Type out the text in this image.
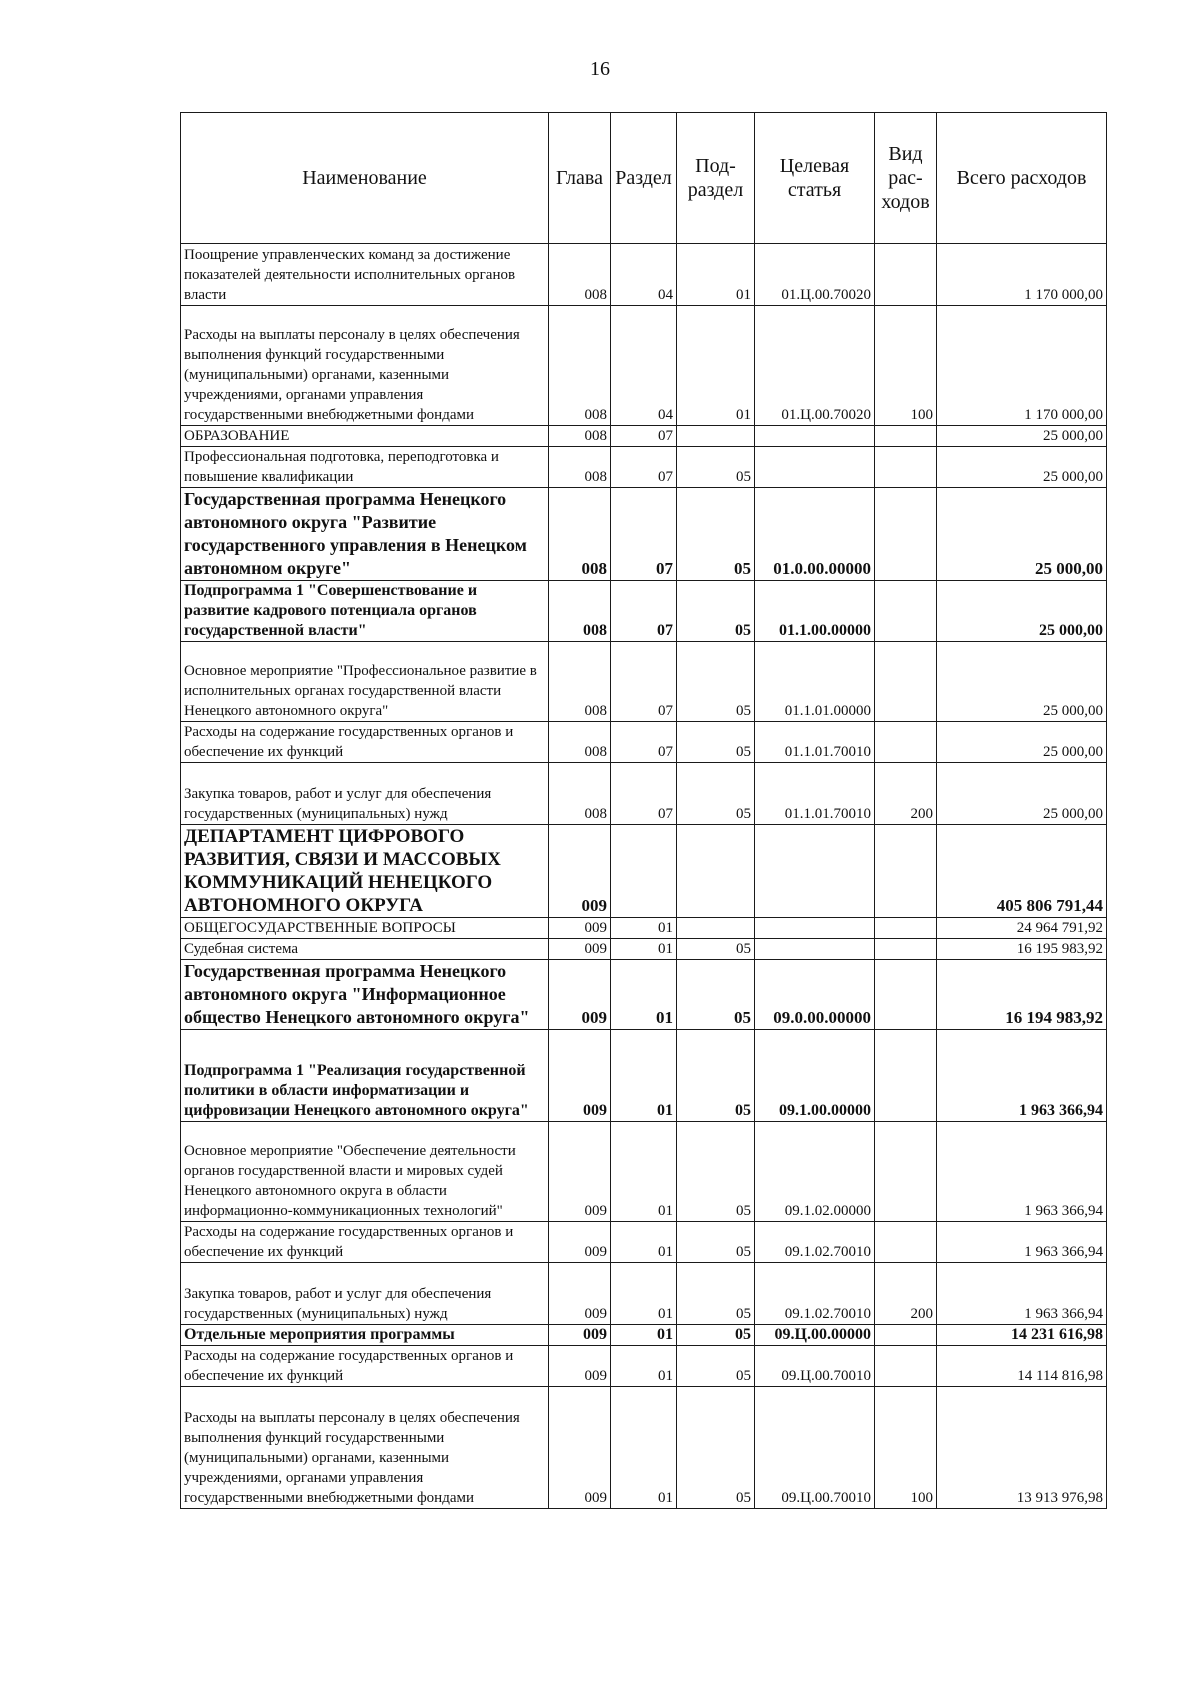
16
Наименование	Глава	Раздел	Под-раздел	Целевая статья	Вид рас-ходов	Всего расходов
Поощрение управленческих команд за достижение показателей деятельности исполнительных органов власти	008	04	01	01.Ц.00.70020		1 170 000,00
Расходы на выплаты персоналу в целях обеспечения выполнения функций государственными (муниципальными) органами, казенными учреждениями, органами управления государственными внебюджетными фондами	008	04	01	01.Ц.00.70020	100	1 170 000,00
ОБРАЗОВАНИЕ	008	07				25 000,00
Профессиональная подготовка, переподготовка и повышение квалификации	008	07	05			25 000,00
Государственная программа Ненецкого автономного округа "Развитие государственного управления в Ненецком автономном округе"	008	07	05	01.0.00.00000		25 000,00
Подпрограмма 1 "Совершенствование и развитие кадрового потенциала органов государственной власти"	008	07	05	01.1.00.00000		25 000,00
Основное мероприятие "Профессиональное развитие в исполнительных органах государственной власти Ненецкого автономного округа"	008	07	05	01.1.01.00000		25 000,00
Расходы на содержание государственных органов и обеспечение их функций	008	07	05	01.1.01.70010		25 000,00
Закупка товаров, работ и услуг для обеспечения государственных (муниципальных) нужд	008	07	05	01.1.01.70010	200	25 000,00
ДЕПАРТАМЕНТ ЦИФРОВОГО РАЗВИТИЯ, СВЯЗИ И МАССОВЫХ КОММУНИКАЦИЙ НЕНЕЦКОГО АВТОНОМНОГО ОКРУГА	009					405 806 791,44
ОБЩЕГОСУДАРСТВЕННЫЕ ВОПРОСЫ	009	01				24 964 791,92
Судебная система	009	01	05			16 195 983,92
Государственная программа Ненецкого автономного округа "Информационное общество Ненецкого автономного округа"	009	01	05	09.0.00.00000		16 194 983,92
Подпрограмма 1 "Реализация государственной политики в области информатизации и цифровизации Ненецкого автономного округа"	009	01	05	09.1.00.00000		1 963 366,94
Основное мероприятие "Обеспечение деятельности органов государственной власти и мировых судей Ненецкого автономного округа в области информационно-коммуникационных технологий"	009	01	05	09.1.02.00000		1 963 366,94
Расходы на содержание государственных органов и обеспечение их функций	009	01	05	09.1.02.70010		1 963 366,94
Закупка товаров, работ и услуг для обеспечения государственных (муниципальных) нужд	009	01	05	09.1.02.70010	200	1 963 366,94
Отдельные мероприятия программы	009	01	05	09.Ц.00.00000		14 231 616,98
Расходы на содержание государственных органов и обеспечение их функций	009	01	05	09.Ц.00.70010		14 114 816,98
Расходы на выплаты персоналу в целях обеспечения выполнения функций государственными (муниципальными) органами, казенными учреждениями, органами управления государственными внебюджетными фондами	009	01	05	09.Ц.00.70010	100	13 913 976,98
